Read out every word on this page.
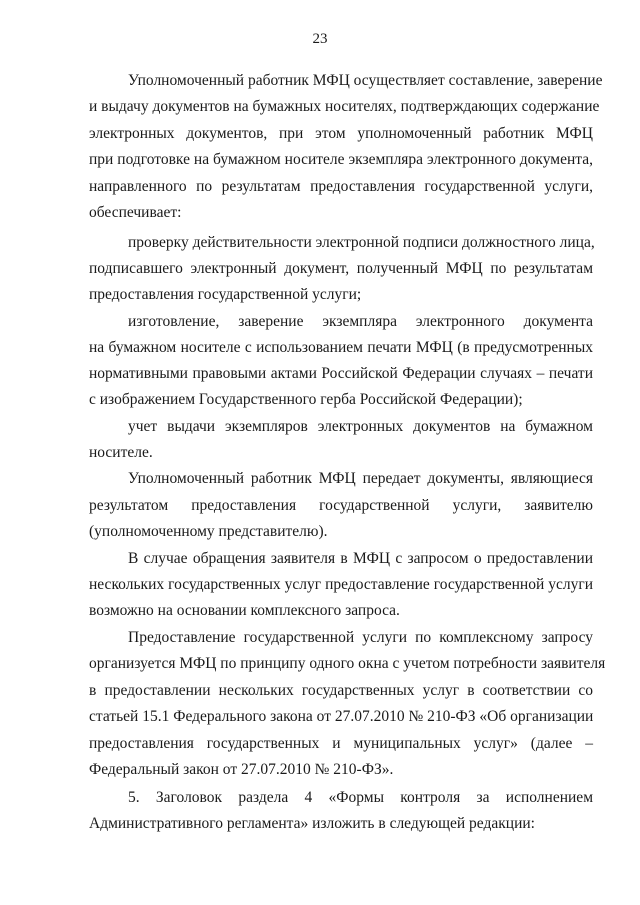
23
Уполномоченный работник МФЦ осуществляет составление, заверение
и выдачу документов на бумажных носителях, подтверждающих содержание
электронных документов, при этом уполномоченный работник МФЦ
при подготовке на бумажном носителе экземпляра электронного документа,
направленного по результатам предоставления государственной услуги,
обеспечивает:
проверку действительности электронной подписи должностного лица,
подписавшего электронный документ, полученный МФЦ по результатам
предоставления государственной услуги;
изготовление, заверение экземпляра электронного документа
на бумажном носителе с использованием печати МФЦ (в предусмотренных
нормативными правовыми актами Российской Федерации случаях – печати
с изображением Государственного герба Российской Федерации);
учет выдачи экземпляров электронных документов на бумажном
носителе.
Уполномоченный работник МФЦ передает документы, являющиеся
результатом предоставления государственной услуги, заявителю
(уполномоченному представителю).
В случае обращения заявителя в МФЦ с запросом о предоставлении
нескольких государственных услуг предоставление государственной услуги
возможно на основании комплексного запроса.
Предоставление государственной услуги по комплексному запросу
организуется МФЦ по принципу одного окна с учетом потребности заявителя
в предоставлении нескольких государственных услуг в соответствии со
статьей 15.1 Федерального закона от 27.07.2010 № 210-ФЗ «Об организации
предоставления государственных и муниципальных услуг» (далее –
Федеральный закон от 27.07.2010 № 210-ФЗ».
5. Заголовок раздела 4 «Формы контроля за исполнением
Административного регламента» изложить в следующей редакции:
